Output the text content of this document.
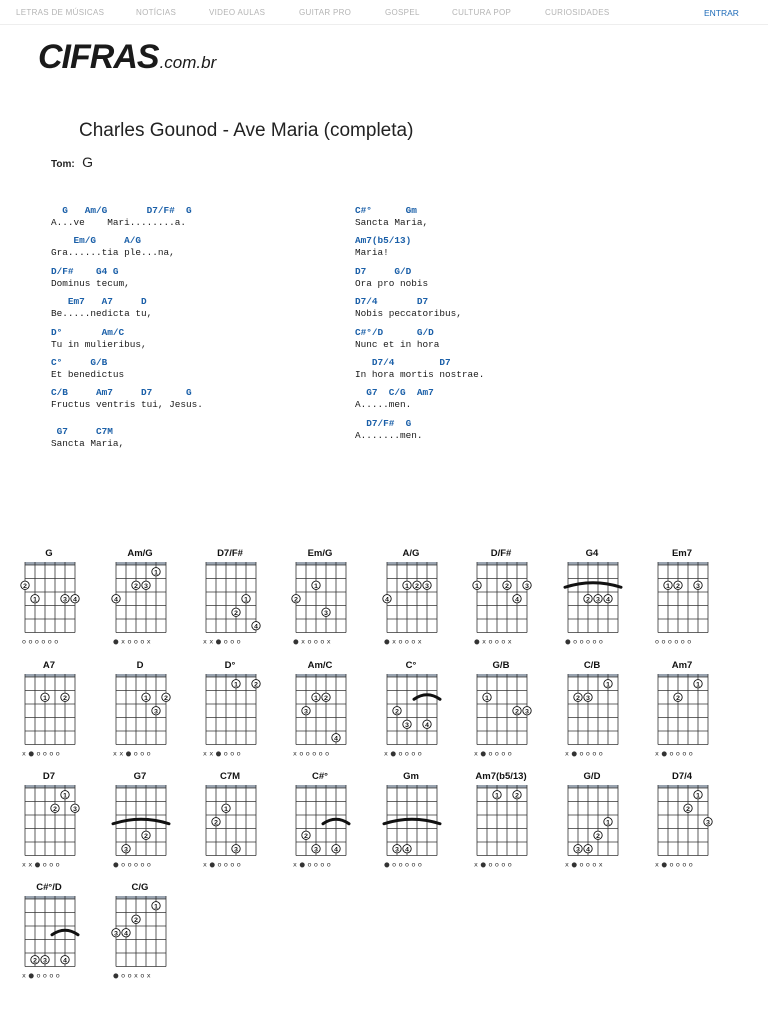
LETRAS DE MÚSICAS	NOTÍCIAS	VIDEO AULAS	GUITAR PRO	GOSPEL	CULTURA POP	CURIOSIDADES	ENTRAR
CIFRAS.com.br
Charles Gounod - Ave Maria (completa)
Tom: G
G   Am/G       D7/F#  G
A...ve    Mari........a.
Em/G     A/G
Gra......tia ple...na,
D/F#    G4 G
Dominus tecum,
Em7   A7     D
Be.....nedicta tu,
D°       Am/C
Tu in mulieribus,
C°     G/B
Et benedictus
C/B     Am7     D7      G
Fructus ventris tui, Jesus.
G7     C7M
Sancta Maria,
C#°      Gm
Sancta Maria,
Am7(b5/13)
Maria!
D7     G/D
Ora pro nobis
D7/4       D7
Nobis peccatoribus,
C#°/D      G/D
Nunc et in hora
D7/4        D7
In hora mortis nostrae.
G7  C/G  Am7
A.....men.
D7/F#  G
A.......men.
G
1
2
3 4
o o o o o o
Am/G
1
2 3
4
● x o o o x
D7/F#
1
2
4
x x ● o o o
Em/G
1
2
3
● x o o o x
A/G
1 2 3
4
● x o o o x
D/F#
1	2 3
4
● x o o o x
G4
2 3 4
● o o o o o
Em7
1 2 3
o o o o o o
A7
1 2
x ● o o o o
D
1 2
3
x x ● o o o
D°
1 2
x x ● o o o
Am/C
1 2
3
4
x o o o o o
C°
2
3 4
x ● o o o o
G/B
1
2 3
x ● o o o o
C/B
1
2 3
x ● o o o o
Am7
1
2
x ● o o o o
D7
1
2 3
x x ● o o o
G7
2
3
● o o o o o
C7M
1
2
3
x ● o o o o
C#°
2
3 4
x ● o o o o
Gm
3 4
● o o o o o
Am7(b5/13)
1 2
x ● o o o o
G/D
1
2
3 4
x ● o o o x
D7/4
1
2
3
x ● o o o o
C#°/D
2 3 4
x ● o o o o
C/G
1
2
3 4
● o o x o x
